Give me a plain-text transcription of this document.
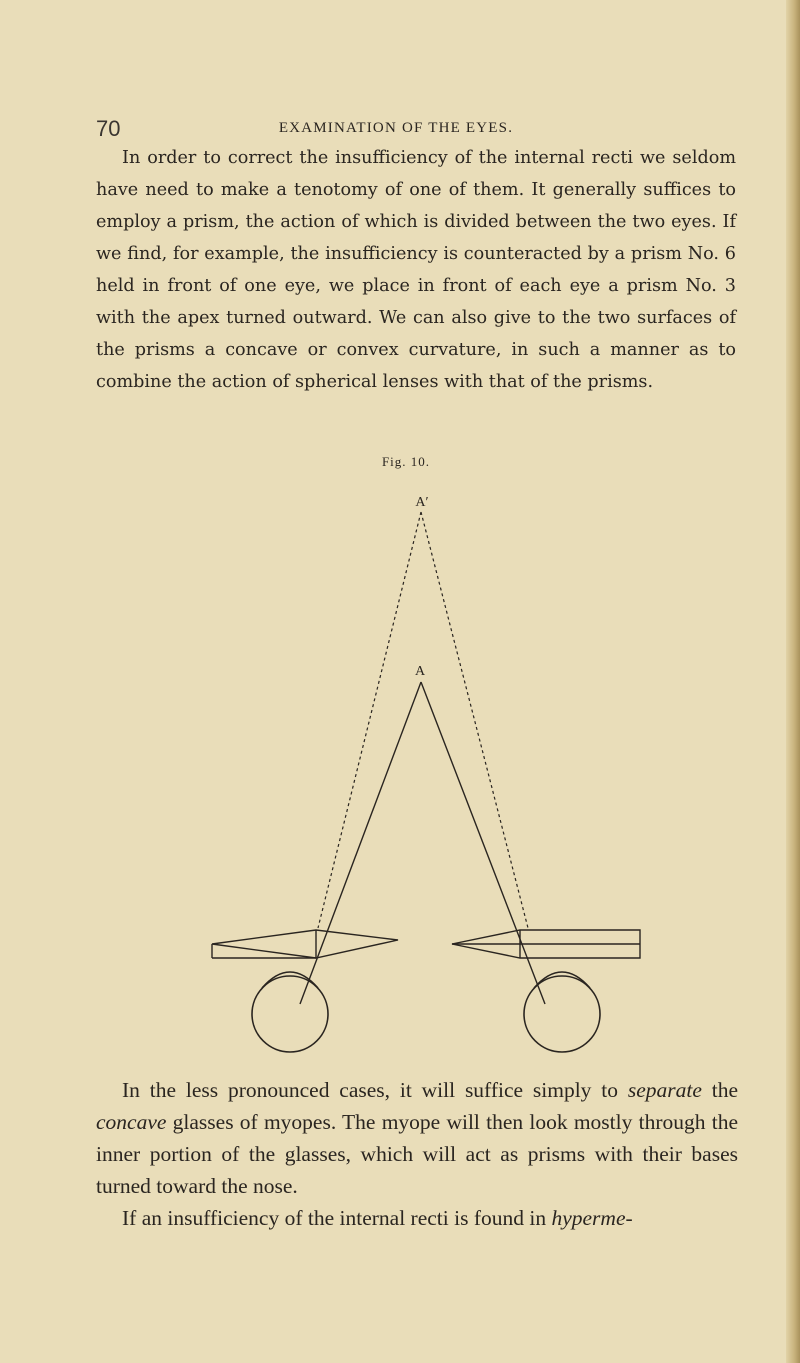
70	EXAMINATION OF THE EYES.

In order to correct the insufficiency of the internal recti we seldom have need to make a tenotomy of one of them. It generally suffices to employ a prism, the action of which is divided between the two eyes. If we find, for example, the insufficiency is counteracted by a prism No. 6 held in front of one eye, we place in front of each eye a prism No. 3 with the apex turned outward. We can also give to the two surfaces of the prisms a concave or convex curvature, in such a manner as to combine the action of spherical lenses with that of the prisms.

Fig. 10.
A′
A

In the less pronounced cases, it will suffice simply to separate the concave glasses of myopes. The myope will then look mostly through the inner portion of the glasses, which will act as prisms with their bases turned toward the nose.
If an insufficiency of the internal recti is found in hyperme-
